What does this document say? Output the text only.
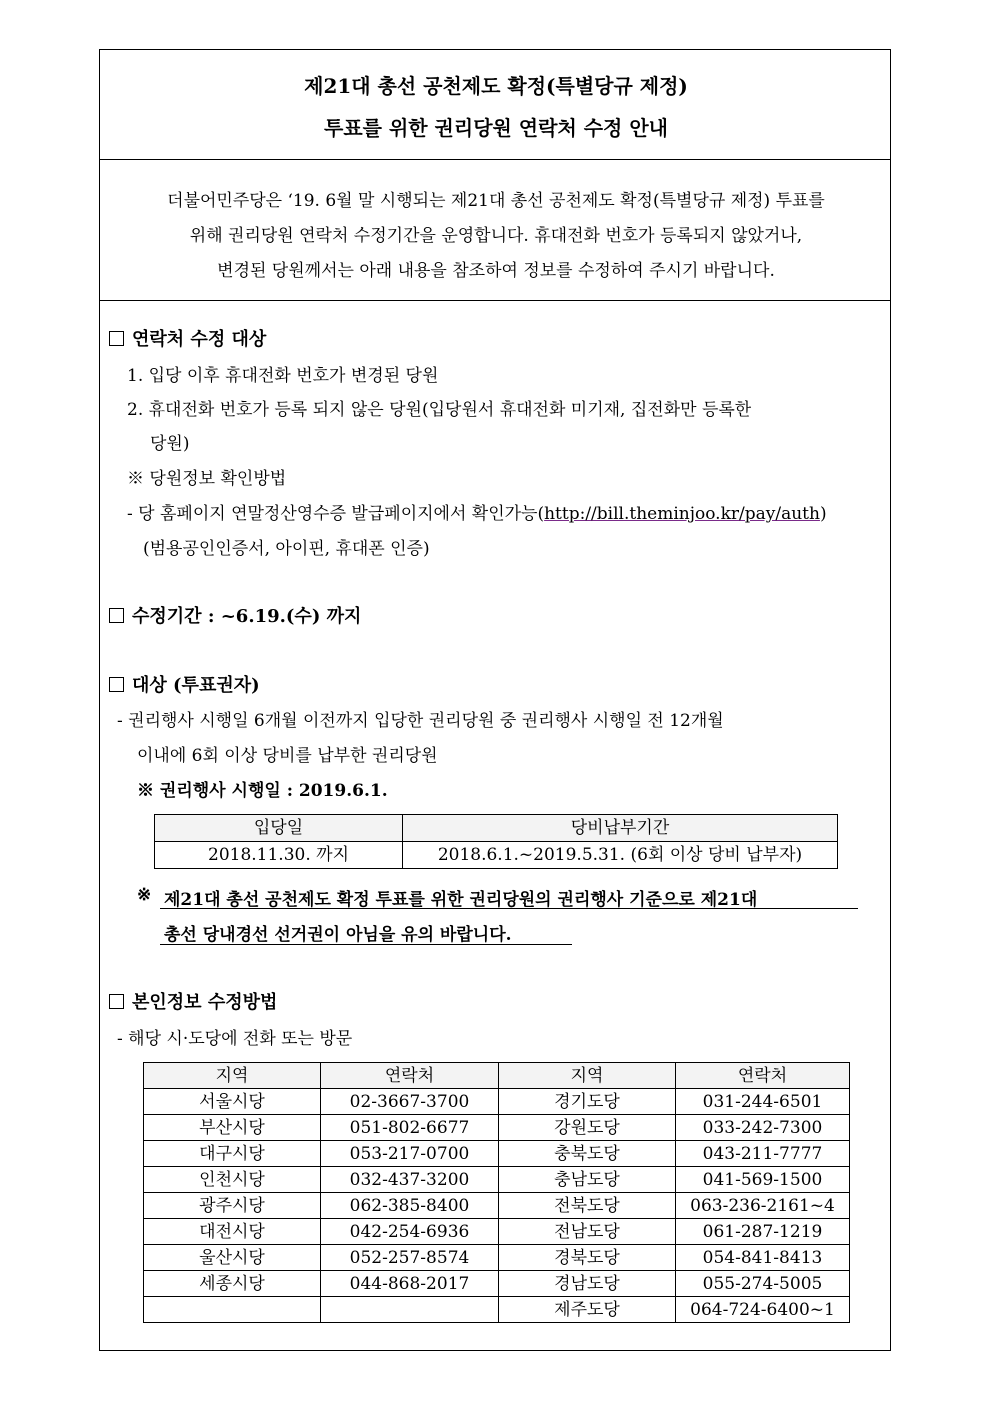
제21대 총선 공천제도 확정(특별당규 제정)
투표를 위한 권리당원 연락처 수정 안내
더불어민주당은 ‘19. 6월 말 시행되는 제21대 총선 공천제도 확정(특별당규 제정) 투표를
위해 권리당원 연락처 수정기간을 운영합니다. 휴대전화 번호가 등록되지 않았거나,
변경된 당원께서는 아래 내용을 참조하여 정보를 수정하여 주시기 바랍니다.
연락처 수정 대상
1. 입당 이후 휴대전화 번호가 변경된 당원
2. 휴대전화 번호가 등록 되지 않은 당원(입당원서 휴대전화 미기재, 집전화만 등록한
당원)
※ 당원정보 확인방법
- 당 홈페이지 연말정산영수증 발급페이지에서 확인가능(http://bill.theminjoo.kr/pay/auth)
(범용공인인증서, 아이핀, 휴대폰 인증)
수정기간 : ~6.19.(수) 까지
대상 (투표권자)
- 권리행사 시행일 6개월 이전까지 입당한 권리당원 중 권리행사 시행일 전 12개월
이내에 6회 이상 당비를 납부한 권리당원
※ 권리행사 시행일 : 2019.6.1.
입당일	당비납부기간
2018.11.30. 까지	2018.6.1.~2019.5.31. (6회 이상 당비 납부자)
※ 제21대 총선 공천제도 확정 투표를 위한 권리당원의 권리행사 기준으로 제21대
총선 당내경선 선거권이 아님을 유의 바랍니다.
본인정보 수정방법
- 해당 시·도당에 전화 또는 방문
지역	연락처	지역	연락처
서울시당	02-3667-3700	경기도당	031-244-6501
부산시당	051-802-6677	강원도당	033-242-7300
대구시당	053-217-0700	충북도당	043-211-7777
인천시당	032-437-3200	충남도당	041-569-1500
광주시당	062-385-8400	전북도당	063-236-2161~4
대전시당	042-254-6936	전남도당	061-287-1219
울산시당	052-257-8574	경북도당	054-841-8413
세종시당	044-868-2017	경남도당	055-274-5005
		제주도당	064-724-6400~1
